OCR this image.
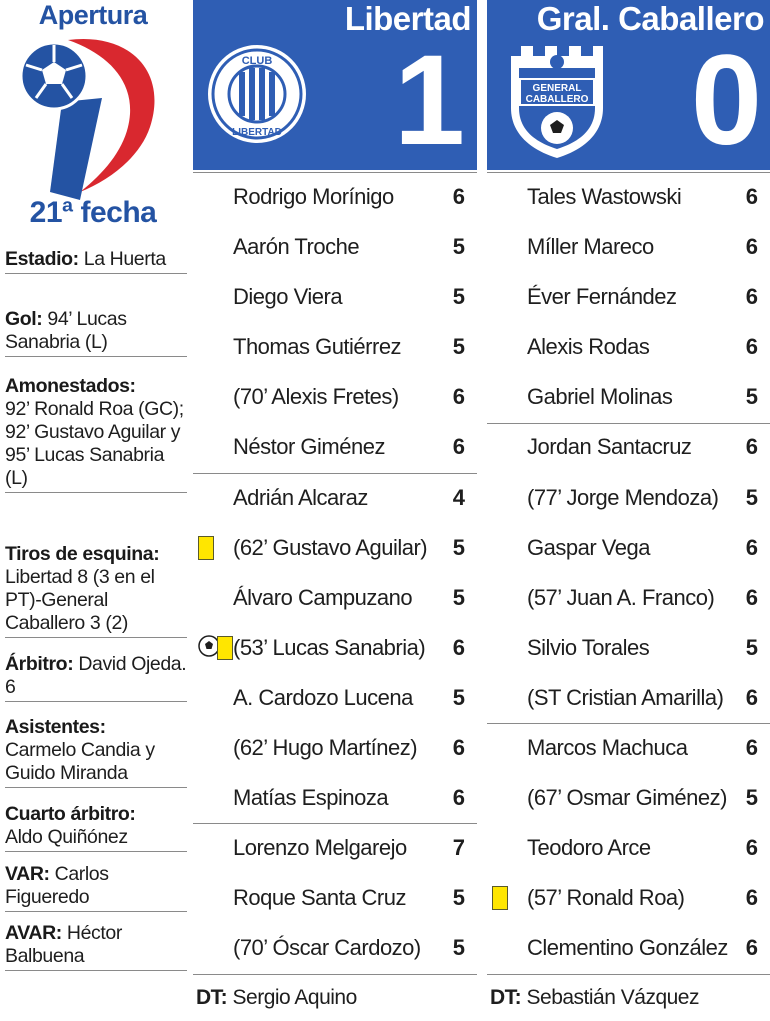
Apertura
21ª fecha
Estadio: La Huerta
Gol: 94’ Lucas Sanabria (L)
Amonestados:
92’ Ronald Roa (GC); 92’ Gustavo Aguilar y 95’ Lucas Sanabria (L)
Tiros de esquina:
Libertad 8 (3 en el PT)-General Caballero 3 (2)
Árbitro: David Ojeda. 6
Asistentes:
Carmelo Candia y Guido Miranda
Cuarto árbitro:
Aldo Quiñónez
VAR: Carlos Figueredo
AVAR: Héctor Balbuena
Libertad
CLUB
LIBERTAD 1
Rodrigo Morínigo	6
Aarón Troche	5
Diego Viera	5
Thomas Gutiérrez 5
(70’ Alexis Fretes) 6
Néstor Giménez	6
Adrián Alcaraz	4
(62’ Gustavo Aguilar) 5
Álvaro Campuzano 5
(53’ Lucas Sanabria) 6
A. Cardozo Lucena 5
(62’ Hugo Martínez) 6
Matías Espinoza	6
Lorenzo Melgarejo 7
Roque Santa Cruz 5
(70’ Óscar Cardozo) 5
DT: Sergio Aquino
Gral. Caballero
GENERAL
CABALLERO 0
Tales Wastowski	6
Míller Mareco	6
Éver Fernández	6
Alexis Rodas	6
Gabriel Molinas	5
Jordan Santacruz 6
(77’ Jorge Mendoza) 5
Gaspar Vega	6
(57’ Juan A. Franco) 6
Silvio Torales	5
(ST Cristian Amarilla) 6
Marcos Machuca	6
(67’ Osmar Giménez) 5
Teodoro Arce	6
(57’ Ronald Roa)	6
Clementino González 6
DT: Sebastián Vázquez
